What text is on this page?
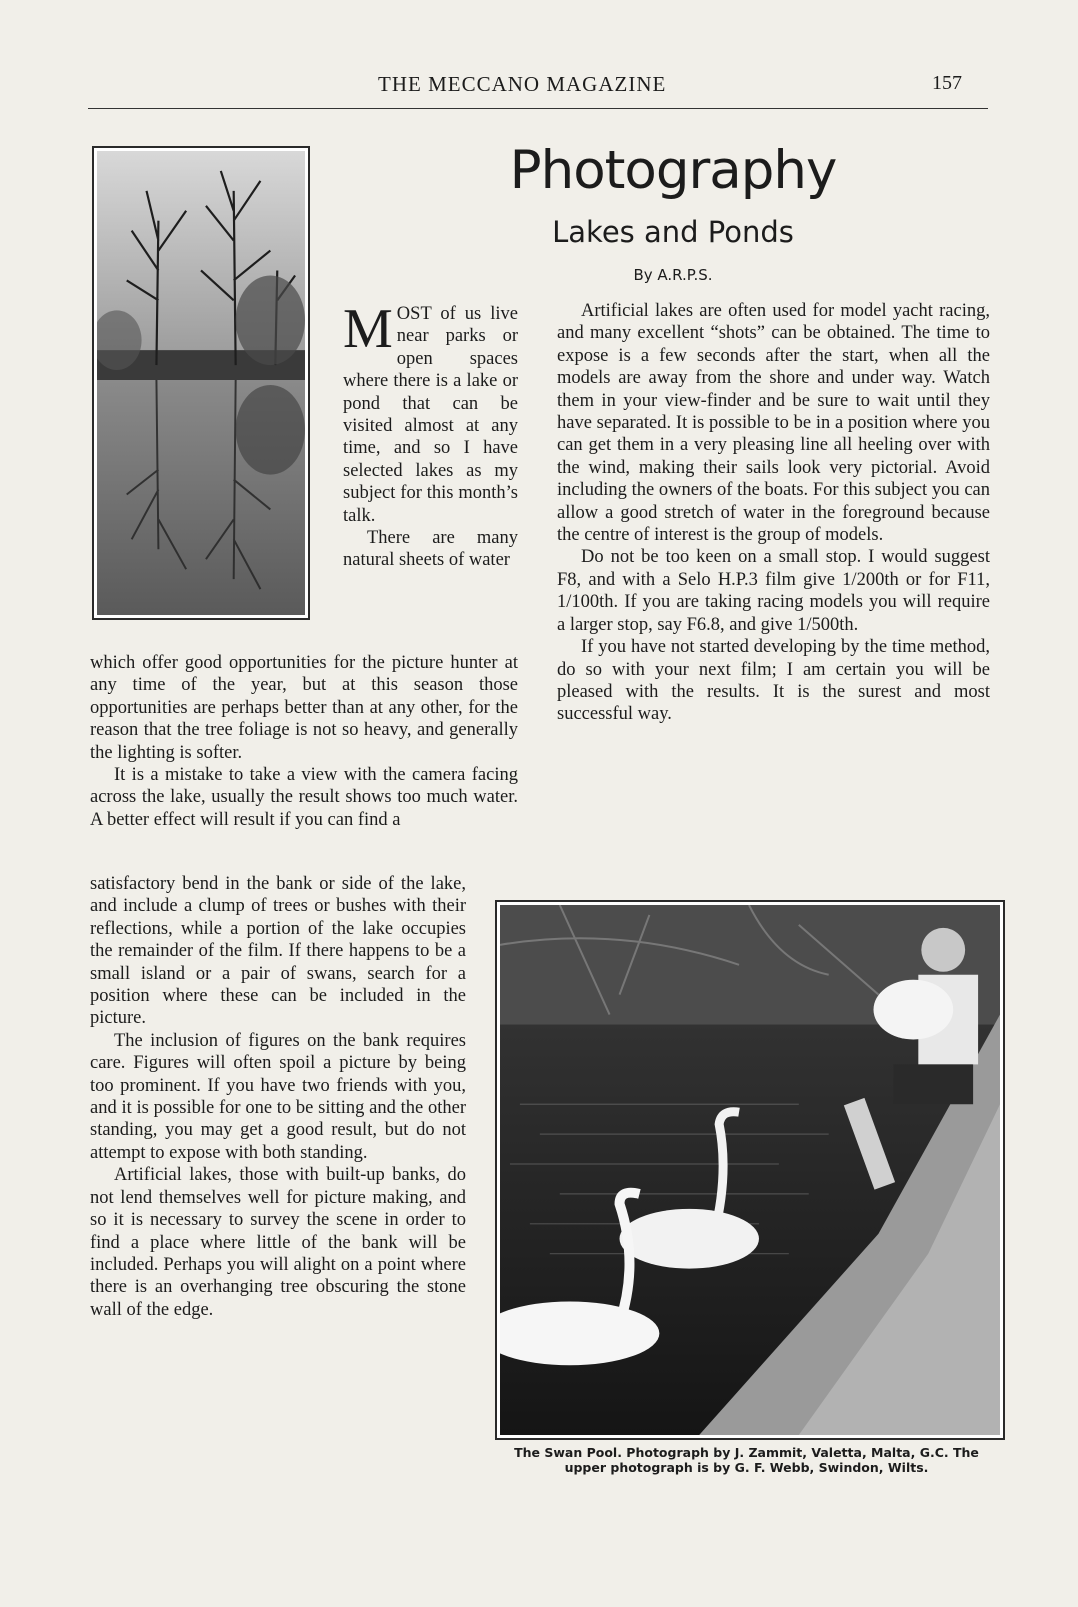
THE MECCANO MAGAZINE	157
Photography
Lakes and Ponds
By A.R.P.S.

MOST of us live near parks or open spaces where there is a lake or pond that can be visited almost at any time, and so I have selected lakes as my subject for this month’s talk.

There are many natural sheets of water

which offer good opportunities for the picture hunter at any time of the year, but at this season those opportunities are perhaps better than at any other, for the reason that the tree foliage is not so heavy, and generally the lighting is softer.

It is a mistake to take a view with the camera facing across the lake, usually the result shows too much water. A better effect will result if you can find a

satisfactory bend in the bank or side of the lake, and include a clump of trees or bushes with their reflections, while a portion of the lake occupies the remainder of the film. If there happens to be a small island or a pair of swans, search for a position where these can be included in the picture.

The inclusion of figures on the bank requires care. Figures will often spoil a picture by being too prominent. If you have two friends with you, and it is possible for one to be sitting and the other standing, you may get a good result, but do not attempt to expose with both standing.

Artificial lakes, those with built-up banks, do not lend themselves well for picture making, and so it is necessary to survey the scene in order to find a place where little of the bank will be included. Perhaps you will alight on a point where there is an overhanging tree obscuring the stone wall of the edge.

Artificial lakes are often used for model yacht racing, and many excellent “shots” can be obtained. The time to expose is a few seconds after the start, when all the models are away from the shore and under way. Watch them in your view-finder and be sure to wait until they have separated. It is possible to be in a position where you can get them in a very pleasing line all heeling over with the wind, making their sails look very pictorial. Avoid including the owners of the boats. For this subject you can allow a good stretch of water in the foreground because the centre of interest is the group of models.

Do not be too keen on a small stop. I would suggest F8, and with a Selo H.P.3 film give 1/200th or for F11, 1/100th. If you are taking racing models you will require a larger stop, say F6.8, and give 1/500th.

If you have not started developing by the time method, do so with your next film; I am certain you will be pleased with the results. It is the surest and most successful way.

The Swan Pool. Photograph by J. Zammit, Valetta, Malta, G.C. The upper photograph is by G. F. Webb, Swindon, Wilts.
